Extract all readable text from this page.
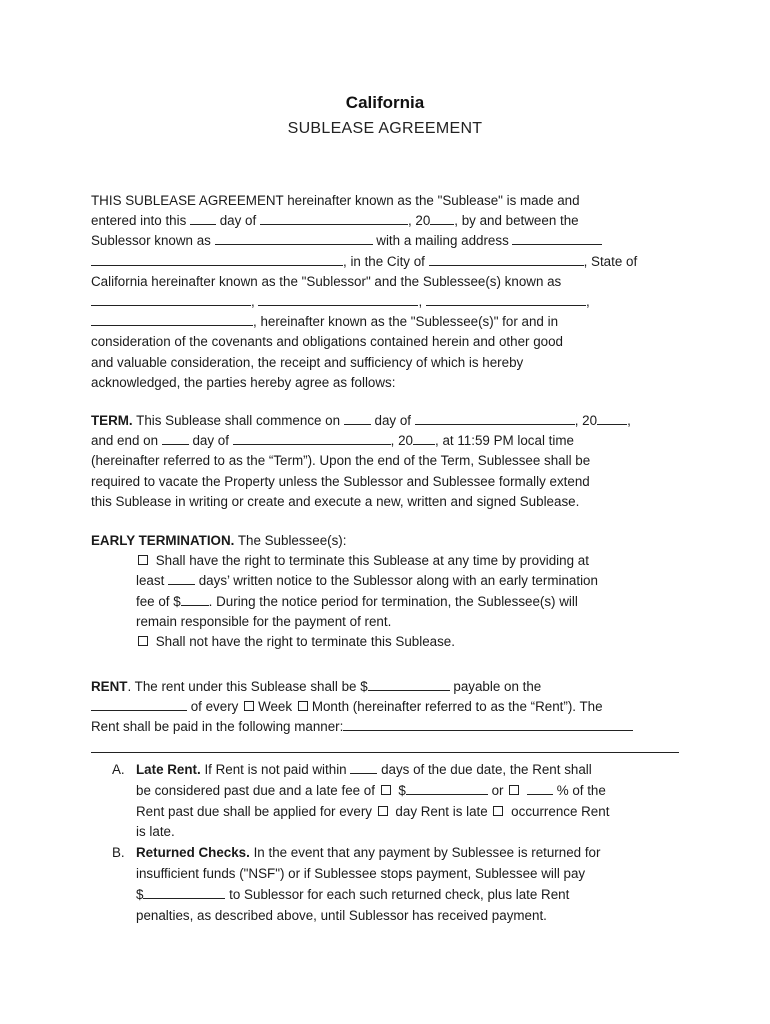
California
SUBLEASE AGREEMENT
THIS SUBLEASE AGREEMENT hereinafter known as the "Sublease" is made and
entered into this  day of	, 20 , by and between the
Sublessor known as	with a mailing address
, in the City of	, State of
California hereinafter known as the "Sublessor" and the Sublessee(s) known as
,	,	,
, hereinafter known as the "Sublessee(s)" for and in
consideration of the covenants and obligations contained herein and other good
and valuable consideration, the receipt and sufficiency of which is hereby
acknowledged, the parties hereby agree as follows:
TERM. This Sublease shall commence on  day of	, 20 ,
and end on  day of	, 20 , at 11:59 PM local time
(hereinafter referred to as the “Term”). Upon the end of the Term, Sublessee shall be
required to vacate the Property unless the Sublessor and Sublessee formally extend
this Sublease in writing or create and execute a new, written and signed Sublease.
EARLY TERMINATION. The Sublessee(s):
Shall have the right to terminate this Sublease at any time by providing at
least  days’ written notice to the Sublessor along with an early termination
fee of $ . During the notice period for termination, the Sublessee(s) will
remain responsible for the payment of rent.
Shall not have the right to terminate this Sublease.
RENT. The rent under this Sublease shall be $	payable on the
of every Week Month (hereinafter referred to as the “Rent”). The
Rent shall be paid in the following manner:
A. Late Rent. If Rent is not paid within  days of the due date, the Rent shall
be considered past due and a late fee of  $	or	% of the
Rent past due shall be applied for every  day Rent is late  occurrence Rent
is late.
B. Returned Checks. In the event that any payment by Sublessee is returned for
insufficient funds ("NSF") or if Sublessee stops payment, Sublessee will pay
$	to Sublessor for each such returned check, plus late Rent
penalties, as described above, until Sublessor has received payment.
